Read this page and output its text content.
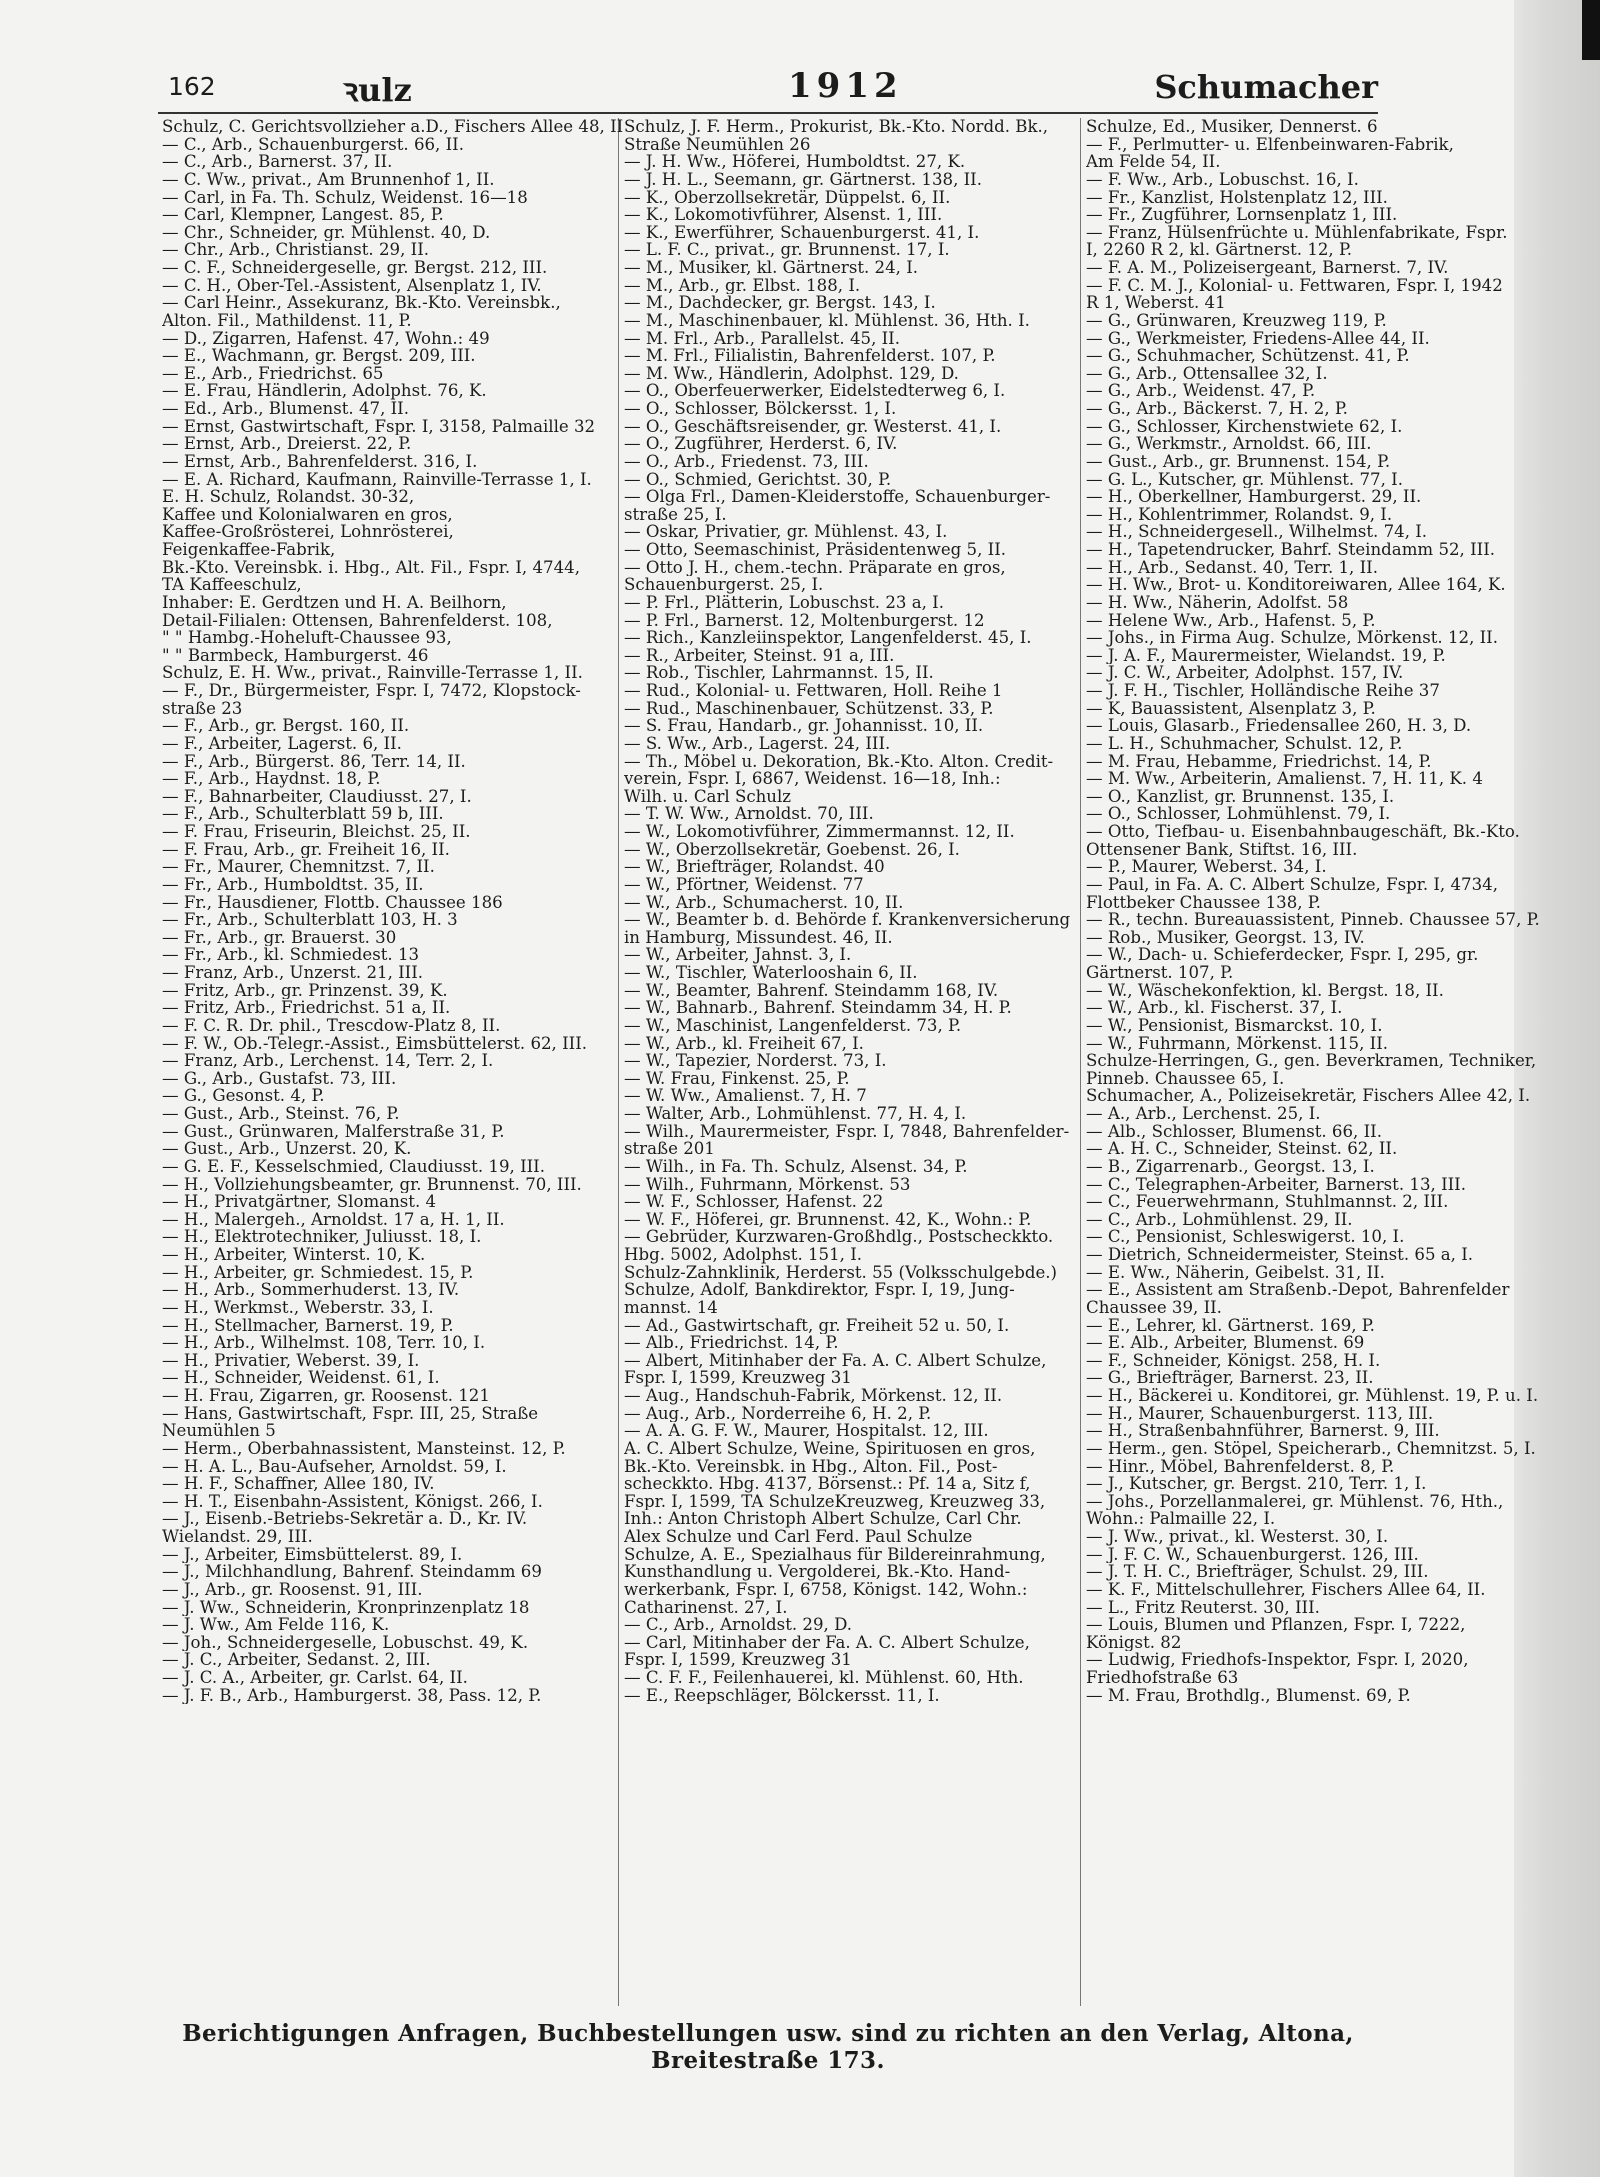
162	ꝛulz	1912	Schumacher
Schulz, C. Gerichtsvollzieher a.D., Fischers Allee 48, II
— C., Arb., Schauenburgerst. 66, II.
— C., Arb., Barnerst. 37, II.
— C. Ww., privat., Am Brunnenhof 1, II.
— Carl, in Fa. Th. Schulz, Weidenst. 16—18
— Carl, Klempner, Langest. 85, P.
— Chr., Schneider, gr. Mühlenst. 40, D.
— Chr., Arb., Christianst. 29, II.
— C. F., Schneidergeselle, gr. Bergst. 212, III.
— C. H., Ober-Tel.-Assistent, Alsenplatz 1, IV.
— Carl Heinr., Assekuranz, Bk.-Kto. Vereinsbk.,
Alton. Fil., Mathildenst. 11, P.
— D., Zigarren, Hafenst. 47, Wohn.: 49
— E., Wachmann, gr. Bergst. 209, III.
— E., Arb., Friedrichst. 65
— E. Frau, Händlerin, Adolphst. 76, K.
— Ed., Arb., Blumenst. 47, II.
— Ernst, Gastwirtschaft, Fspr. I, 3158, Palmaille 32
— Ernst, Arb., Dreierst. 22, P.
— Ernst, Arb., Bahrenfelderst. 316, I.
— E. A. Richard, Kaufmann, Rainville-Terrasse 1, I.
E. H. Schulz, Rolandst. 30-32,
Kaffee und Kolonialwaren en gros,
Kaffee-Großrösterei, Lohnrösterei,
Feigenkaffee-Fabrik,
Bk.-Kto. Vereinsbk. i. Hbg., Alt. Fil., Fspr. I, 4744,
TA Kaffeeschulz,
Inhaber: E. Gerdtzen und H. A. Beilhorn,
Detail-Filialen: Ottensen, Bahrenfelderst. 108,
" " Hambg.-Hoheluft-Chaussee 93,
" " Barmbeck, Hamburgerst. 46
Schulz, E. H. Ww., privat., Rainville-Terrasse 1, II.
— F., Dr., Bürgermeister, Fspr. I, 7472, Klopstock-
straße 23
— F., Arb., gr. Bergst. 160, II.
— F., Arbeiter, Lagerst. 6, II.
— F., Arb., Bürgerst. 86, Terr. 14, II.
— F., Arb., Haydnst. 18, P.
— F., Bahnarbeiter, Claudiusst. 27, I.
— F., Arb., Schulterblatt 59 b, III.
— F. Frau, Friseurin, Bleichst. 25, II.
— F. Frau, Arb., gr. Freiheit 16, II.
— Fr., Maurer, Chemnitzst. 7, II.
— Fr., Arb., Humboldtst. 35, II.
— Fr., Hausdiener, Flottb. Chaussee 186
— Fr., Arb., Schulterblatt 103, H. 3
— Fr., Arb., gr. Brauerst. 30
— Fr., Arb., kl. Schmiedest. 13
— Franz, Arb., Unzerst. 21, III.
— Fritz, Arb., gr. Prinzenst. 39, K.
— Fritz, Arb., Friedrichst. 51 a, II.
— F. C. R. Dr. phil., Trescdow-Platz 8, II.
— F. W., Ob.-Telegr.-Assist., Eimsbüttelerst. 62, III.
— Franz, Arb., Lerchenst. 14, Terr. 2, I.
— G., Arb., Gustafst. 73, III.
— G., Gesonst. 4, P.
— Gust., Arb., Steinst. 76, P.
— Gust., Grünwaren, Malferstraße 31, P.
— Gust., Arb., Unzerst. 20, K.
— G. E. F., Kesselschmied, Claudiusst. 19, III.
— H., Vollziehungsbeamter, gr. Brunnenst. 70, III.
— H., Privatgärtner, Slomanst. 4
— H., Malergeh., Arnoldst. 17 a, H. 1, II.
— H., Elektrotechniker, Juliusst. 18, I.
— H., Arbeiter, Winterst. 10, K.
— H., Arbeiter, gr. Schmiedest. 15, P.
— H., Arb., Sommerhuderst. 13, IV.
— H., Werkmst., Weberstr. 33, I.
— H., Stellmacher, Barnerst. 19, P.
— H., Arb., Wilhelmst. 108, Terr. 10, I.
— H., Privatier, Weberst. 39, I.
— H., Schneider, Weidenst. 61, I.
— H. Frau, Zigarren, gr. Roosenst. 121
— Hans, Gastwirtschaft, Fspr. III, 25, Straße
Neumühlen 5
— Herm., Oberbahnassistent, Mansteinst. 12, P.
— H. A. L., Bau-Aufseher, Arnoldst. 59, I.
— H. F., Schaffner, Allee 180, IV.
— H. T., Eisenbahn-Assistent, Königst. 266, I.
— J., Eisenb.-Betriebs-Sekretär a. D., Kr. IV.
Wielandst. 29, III.
— J., Arbeiter, Eimsbüttelerst. 89, I.
— J., Milchhandlung, Bahrenf. Steindamm 69
— J., Arb., gr. Roosenst. 91, III.
— J. Ww., Schneiderin, Kronprinzenplatz 18
— J. Ww., Am Felde 116, K.
— Joh., Schneidergeselle, Lobuschst. 49, K.
— J. C., Arbeiter, Sedanst. 2, III.
— J. C. A., Arbeiter, gr. Carlst. 64, II.
— J. F. B., Arb., Hamburgerst. 38, Pass. 12, P.
Schulz, J. F. Herm., Prokurist, Bk.-Kto. Nordd. Bk.,
Straße Neumühlen 26
— J. H. Ww., Höferei, Humboldtst. 27, K.
— J. H. L., Seemann, gr. Gärtnerst. 138, II.
— K., Oberzollsekretär, Düppelst. 6, II.
— K., Lokomotivführer, Alsenst. 1, III.
— K., Ewerführer, Schauenburgerst. 41, I.
— L. F. C., privat., gr. Brunnenst. 17, I.
— M., Musiker, kl. Gärtnerst. 24, I.
— M., Arb., gr. Elbst. 188, I.
— M., Dachdecker, gr. Bergst. 143, I.
— M., Maschinenbauer, kl. Mühlenst. 36, Hth. I.
— M. Frl., Arb., Parallelst. 45, II.
— M. Frl., Filialistin, Bahrenfelderst. 107, P.
— M. Ww., Händlerin, Adolphst. 129, D.
— O., Oberfeuerwerker, Eidelstedterweg 6, I.
— O., Schlosser, Bölckersst. 1, I.
— O., Geschäftsreisender, gr. Westerst. 41, I.
— O., Zugführer, Herderst. 6, IV.
— O., Arb., Friedenst. 73, III.
— O., Schmied, Gerichtst. 30, P.
— Olga Frl., Damen-Kleiderstoffe, Schauenburger-
straße 25, I.
— Oskar, Privatier, gr. Mühlenst. 43, I.
— Otto, Seemaschinist, Präsidentenweg 5, II.
— Otto J. H., chem.-techn. Präparate en gros,
Schauenburgerst. 25, I.
— P. Frl., Plätterin, Lobuschst. 23 a, I.
— P. Frl., Barnerst. 12, Moltenburgerst. 12
— Rich., Kanzleiinspektor, Langenfelderst. 45, I.
— R., Arbeiter, Steinst. 91 a, III.
— Rob., Tischler, Lahrmannst. 15, II.
— Rud., Kolonial- u. Fettwaren, Holl. Reihe 1
— Rud., Maschinenbauer, Schützenst. 33, P.
— S. Frau, Handarb., gr. Johannisst. 10, II.
— S. Ww., Arb., Lagerst. 24, III.
— Th., Möbel u. Dekoration, Bk.-Kto. Alton. Credit-
verein, Fspr. I, 6867, Weidenst. 16—18, Inh.:
Wilh. u. Carl Schulz
— T. W. Ww., Arnoldst. 70, III.
— W., Lokomotivführer, Zimmermannst. 12, II.
— W., Oberzollsekretär, Goebenst. 26, I.
— W., Briefträger, Rolandst. 40
— W., Pförtner, Weidenst. 77
— W., Arb., Schumacherst. 10, II.
— W., Beamter b. d. Behörde f. Krankenversicherung
in Hamburg, Missundest. 46, II.
— W., Arbeiter, Jahnst. 3, I.
— W., Tischler, Waterlooshain 6, II.
— W., Beamter, Bahrenf. Steindamm 168, IV.
— W., Bahnarb., Bahrenf. Steindamm 34, H. P.
— W., Maschinist, Langenfelderst. 73, P.
— W., Arb., kl. Freiheit 67, I.
— W., Tapezier, Norderst. 73, I.
— W. Frau, Finkenst. 25, P.
— W. Ww., Amalienst. 7, H. 7
— Walter, Arb., Lohmühlenst. 77, H. 4, I.
— Wilh., Maurermeister, Fspr. I, 7848, Bahrenfelder-
straße 201
— Wilh., in Fa. Th. Schulz, Alsenst. 34, P.
— Wilh., Fuhrmann, Mörkenst. 53
— W. F., Schlosser, Hafenst. 22
— W. F., Höferei, gr. Brunnenst. 42, K., Wohn.: P.
— Gebrüder, Kurzwaren-Großhdlg., Postscheckkto.
Hbg. 5002, Adolphst. 151, I.
Schulz-Zahnklinik, Herderst. 55 (Volksschulgebde.)
Schulze, Adolf, Bankdirektor, Fspr. I, 19, Jung-
mannst. 14
— Ad., Gastwirtschaft, gr. Freiheit 52 u. 50, I.
— Alb., Friedrichst. 14, P.
— Albert, Mitinhaber der Fa. A. C. Albert Schulze,
Fspr. I, 1599, Kreuzweg 31
— Aug., Handschuh-Fabrik, Mörkenst. 12, II.
— Aug., Arb., Norderreihe 6, H. 2, P.
— A. A. G. F. W., Maurer, Hospitalst. 12, III.
A. C. Albert Schulze, Weine, Spirituosen en gros,
Bk.-Kto. Vereinsbk. in Hbg., Alton. Fil., Post-
scheckkto. Hbg. 4137, Börsenst.: Pf. 14 a, Sitz f,
Fspr. I, 1599, TA SchulzeKreuzweg, Kreuzweg 33,
Inh.: Anton Christoph Albert Schulze, Carl Chr.
Alex Schulze und Carl Ferd. Paul Schulze
Schulze, A. E., Spezialhaus für Bildereinrahmung,
Kunsthandlung u. Vergolderei, Bk.-Kto. Hand-
werkerbank, Fspr. I, 6758, Königst. 142, Wohn.:
Catharinenst. 27, I.
— C., Arb., Arnoldst. 29, D.
— Carl, Mitinhaber der Fa. A. C. Albert Schulze,
Fspr. I, 1599, Kreuzweg 31
— C. F. F., Feilenhauerei, kl. Mühlenst. 60, Hth.
— E., Reepschläger, Bölckersst. 11, I.
Schulze, Ed., Musiker, Dennerst. 6
— F., Perlmutter- u. Elfenbeinwaren-Fabrik,
Am Felde 54, II.
— F. Ww., Arb., Lobuschst. 16, I.
— Fr., Kanzlist, Holstenplatz 12, III.
— Fr., Zugführer, Lornsenplatz 1, III.
— Franz, Hülsenfrüchte u. Mühlenfabrikate, Fspr.
I, 2260 R 2, kl. Gärtnerst. 12, P.
— F. A. M., Polizeisergeant, Barnerst. 7, IV.
— F. C. M. J., Kolonial- u. Fettwaren, Fspr. I, 1942
R 1, Weberst. 41
— G., Grünwaren, Kreuzweg 119, P.
— G., Werkmeister, Friedens-Allee 44, II.
— G., Schuhmacher, Schützenst. 41, P.
— G., Arb., Ottensallee 32, I.
— G., Arb., Weidenst. 47, P.
— G., Arb., Bäckerst. 7, H. 2, P.
— G., Schlosser, Kirchenstwiete 62, I.
— G., Werkmstr., Arnoldst. 66, III.
— Gust., Arb., gr. Brunnenst. 154, P.
— G. L., Kutscher, gr. Mühlenst. 77, I.
— H., Oberkellner, Hamburgerst. 29, II.
— H., Kohlentrimmer, Rolandst. 9, I.
— H., Schneidergesell., Wilhelmst. 74, I.
— H., Tapetendrucker, Bahrf. Steindamm 52, III.
— H., Arb., Sedanst. 40, Terr. 1, II.
— H. Ww., Brot- u. Konditoreiwaren, Allee 164, K.
— H. Ww., Näherin, Adolfst. 58
— Helene Ww., Arb., Hafenst. 5, P.
— Johs., in Firma Aug. Schulze, Mörkenst. 12, II.
— J. A. F., Maurermeister, Wielandst. 19, P.
— J. C. W., Arbeiter, Adolphst. 157, IV.
— J. F. H., Tischler, Holländische Reihe 37
— K, Bauassistent, Alsenplatz 3, P.
— Louis, Glasarb., Friedensallee 260, H. 3, D.
— L. H., Schuhmacher, Schulst. 12, P.
— M. Frau, Hebamme, Friedrichst. 14, P.
— M. Ww., Arbeiterin, Amalienst. 7, H. 11, K. 4
— O., Kanzlist, gr. Brunnenst. 135, I.
— O., Schlosser, Lohmühlenst. 79, I.
— Otto, Tiefbau- u. Eisenbahnbaugeschäft, Bk.-Kto.
Ottensener Bank, Stiftst. 16, III.
— P., Maurer, Weberst. 34, I.
— Paul, in Fa. A. C. Albert Schulze, Fspr. I, 4734,
Flottbeker Chaussee 138, P.
— R., techn. Bureauassistent, Pinneb. Chaussee 57, P.
— Rob., Musiker, Georgst. 13, IV.
— W., Dach- u. Schieferdecker, Fspr. I, 295, gr.
Gärtnerst. 107, P.
— W., Wäschekonfektion, kl. Bergst. 18, II.
— W., Arb., kl. Fischerst. 37, I.
— W., Pensionist, Bismarckst. 10, I.
— W., Fuhrmann, Mörkenst. 115, II.
Schulze-Herringen, G., gen. Beverkramen, Techniker,
Pinneb. Chaussee 65, I.
Schumacher, A., Polizeisekretär, Fischers Allee 42, I.
— A., Arb., Lerchenst. 25, I.
— Alb., Schlosser, Blumenst. 66, II.
— A. H. C., Schneider, Steinst. 62, II.
— B., Zigarrenarb., Georgst. 13, I.
— C., Telegraphen-Arbeiter, Barnerst. 13, III.
— C., Feuerwehrmann, Stuhlmannst. 2, III.
— C., Arb., Lohmühlenst. 29, II.
— C., Pensionist, Schleswigerst. 10, I.
— Dietrich, Schneidermeister, Steinst. 65 a, I.
— E. Ww., Näherin, Geibelst. 31, II.
— E., Assistent am Straßenb.-Depot, Bahrenfelder
Chaussee 39, II.
— E., Lehrer, kl. Gärtnerst. 169, P.
— E. Alb., Arbeiter, Blumenst. 69
— F., Schneider, Königst. 258, H. I.
— G., Briefträger, Barnerst. 23, II.
— H., Bäckerei u. Konditorei, gr. Mühlenst. 19, P. u. I.
— H., Maurer, Schauenburgerst. 113, III.
— H., Straßenbahnführer, Barnerst. 9, III.
— Herm., gen. Stöpel, Speicherarb., Chemnitzst. 5, I.
— Hinr., Möbel, Bahrenfelderst. 8, P.
— J., Kutscher, gr. Bergst. 210, Terr. 1, I.
— Johs., Porzellanmalerei, gr. Mühlenst. 76, Hth.,
Wohn.: Palmaille 22, I.
— J. Ww., privat., kl. Westerst. 30, I.
— J. F. C. W., Schauenburgerst. 126, III.
— J. T. H. C., Briefträger, Schulst. 29, III.
— K. F., Mittelschullehrer, Fischers Allee 64, II.
— L., Fritz Reuterst. 30, III.
— Louis, Blumen und Pflanzen, Fspr. I, 7222,
Königst. 82
— Ludwig, Friedhofs-Inspektor, Fspr. I, 2020,
Friedhofstraße 63
— M. Frau, Brothdlg., Blumenst. 69, P.
Berichtigungen Anfragen, Buchbestellungen usw. sind zu richten an den Verlag, Altona, Breitestraße 173.
